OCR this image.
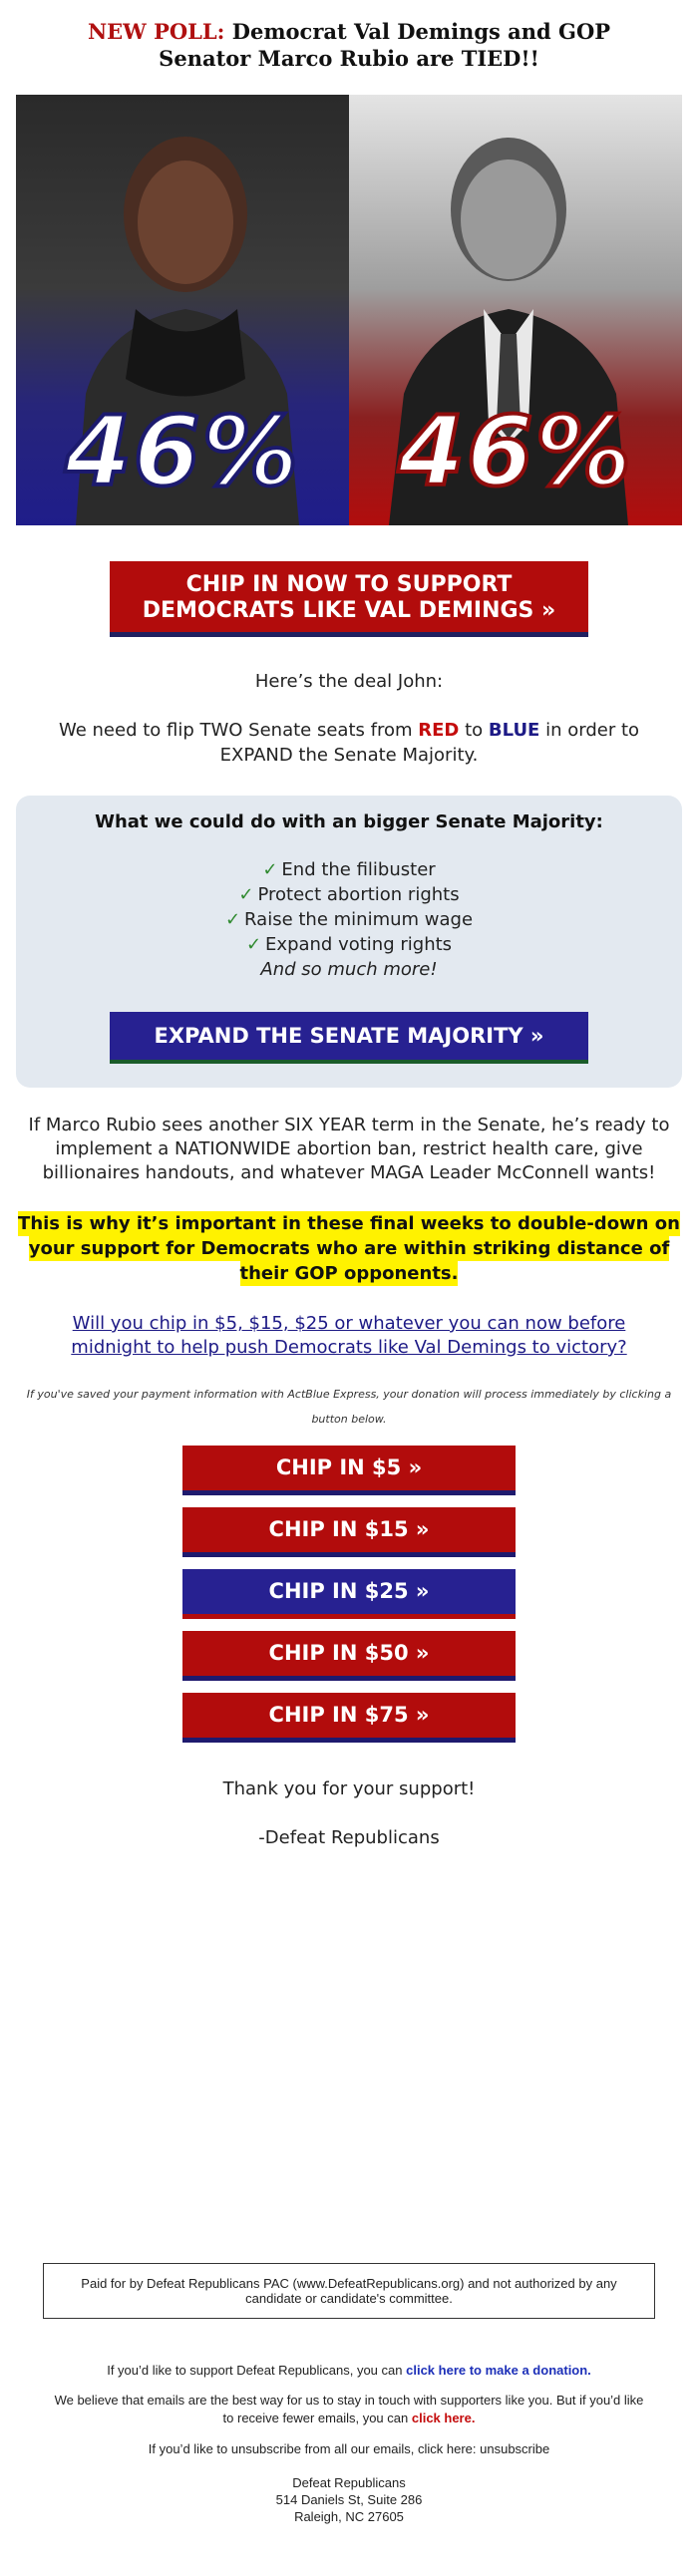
NEW POLL: Democrat Val Demings and GOP Senator Marco Rubio are TIED!!
46%	46%
CHIP IN NOW TO SUPPORT
DEMOCRATS LIKE VAL DEMINGS »

Here’s the deal John:

We need to flip TWO Senate seats from RED to BLUE in order to EXPAND the Senate Majority.

What we could do with an bigger Senate Majority:
✓ End the filibuster
✓ Protect abortion rights
✓ Raise the minimum wage
✓ Expand voting rights
And so much more!
EXPAND THE SENATE MAJORITY »

If Marco Rubio sees another SIX YEAR term in the Senate, he’s ready to implement a NATIONWIDE abortion ban, restrict health care, give billionaires handouts, and whatever MAGA Leader McConnell wants!

This is why it’s important in these final weeks to double-down on your support for Democrats who are within striking distance of their GOP opponents.

Will you chip in $5, $15, $25 or whatever you can now before midnight to help push Democrats like Val Demings to victory?

If you've saved your payment information with ActBlue Express, your donation will process immediately by clicking a button below.

CHIP IN $5 »
CHIP IN $15 »
CHIP IN $25 »
CHIP IN $50 »
CHIP IN $75 »

Thank you for your support!

-Defeat Republicans

Paid for by Defeat Republicans PAC (www.DefeatRepublicans.org) and not authorized by any candidate or candidate's committee.

If you’d like to support Defeat Republicans, you can click here to make a donation.

We believe that emails are the best way for us to stay in touch with supporters like you. But if you’d like to receive fewer emails, you can click here.

If you’d like to unsubscribe from all our emails, click here: unsubscribe

Defeat Republicans
514 Daniels St, Suite 286
Raleigh, NC 27605
